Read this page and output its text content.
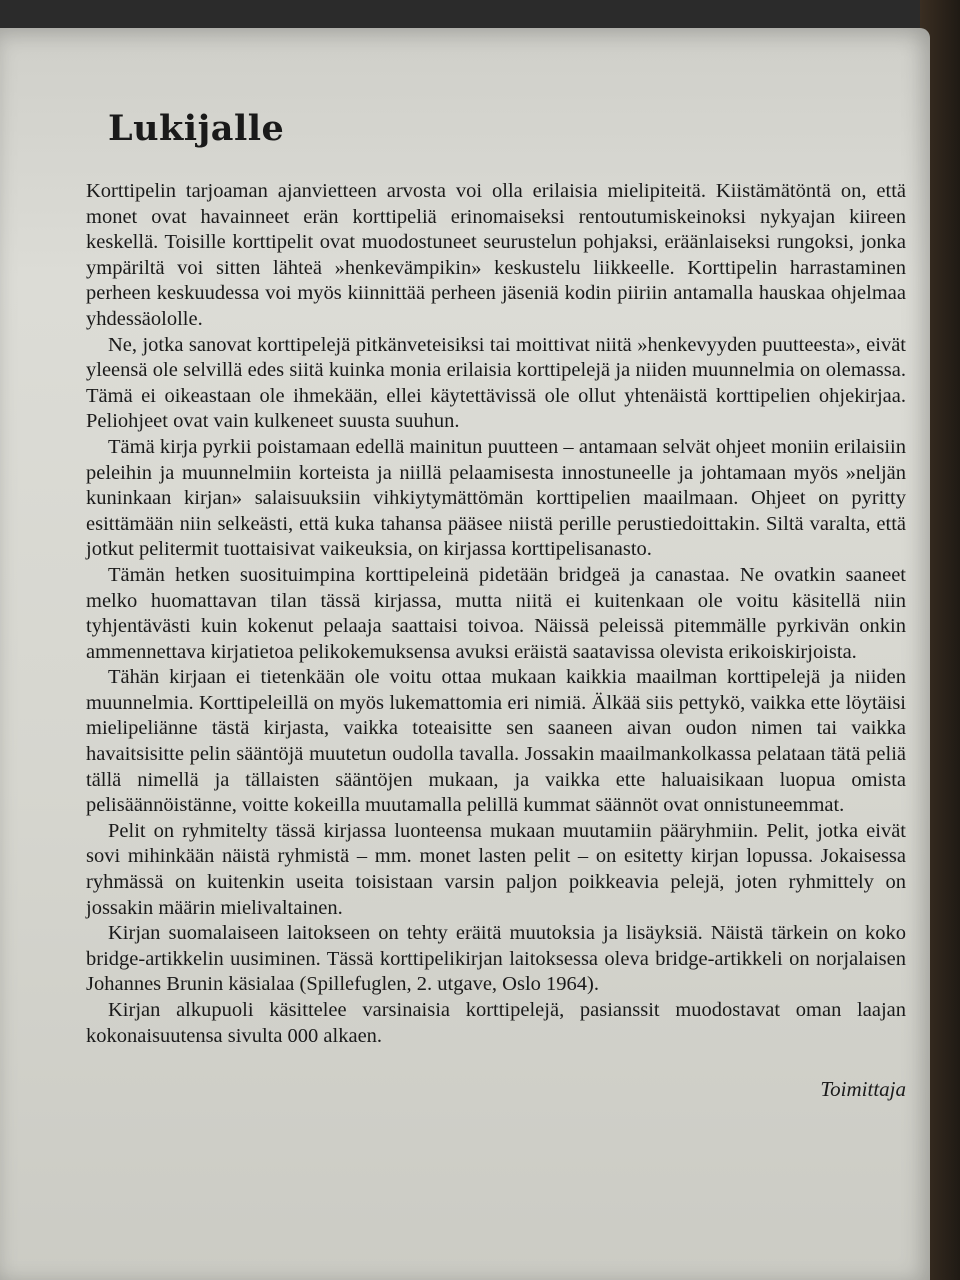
Lukijalle

Korttipelin tarjoaman ajanvietteen arvosta voi olla erilaisia mielipiteitä. Kiistämätöntä on, että monet ovat havainneet erän korttipeliä erinomaiseksi rentoutumiskeinoksi nykyajan kiireen keskellä. Toisille korttipelit ovat muodostuneet seurustelun pohjaksi, eräänlaiseksi rungoksi, jonka ympäriltä voi sitten lähteä »henkevämpikin» keskustelu liikkeelle. Korttipelin harrastaminen perheen keskuudessa voi myös kiinnittää perheen jäseniä kodin piiriin antamalla hauskaa ohjelmaa yhdessäololle.

Ne, jotka sanovat korttipelejä pitkänveteisiksi tai moittivat niitä »henkevyyden puutteesta», eivät yleensä ole selvillä edes siitä kuinka monia erilaisia korttipelejä ja niiden muunnelmia on olemassa. Tämä ei oikeastaan ole ihmekään, ellei käytettävissä ole ollut yhtenäistä korttipelien ohjekirjaa. Peliohjeet ovat vain kulkeneet suusta suuhun.

Tämä kirja pyrkii poistamaan edellä mainitun puutteen – antamaan selvät ohjeet moniin erilaisiin peleihin ja muunnelmiin korteista ja niillä pelaamisesta innostuneelle ja johtamaan myös »neljän kuninkaan kirjan» salaisuuksiin vihkiytymättömän korttipelien maailmaan. Ohjeet on pyritty esittämään niin selkeästi, että kuka tahansa pääsee niistä perille perustiedoittakin. Siltä varalta, että jotkut pelitermit tuottaisivat vaikeuksia, on kirjassa korttipelisanasto.

Tämän hetken suosituimpina korttipeleinä pidetään bridgeä ja canastaa. Ne ovatkin saaneet melko huomattavan tilan tässä kirjassa, mutta niitä ei kuitenkaan ole voitu käsitellä niin tyhjentävästi kuin kokenut pelaaja saattaisi toivoa. Näissä peleissä pitemmälle pyrkivän onkin ammennettava kirjatietoa pelikokemuksensa avuksi eräistä saatavissa olevista erikoiskirjoista.

Tähän kirjaan ei tietenkään ole voitu ottaa mukaan kaikkia maailman korttipelejä ja niiden muunnelmia. Korttipeleillä on myös lukemattomia eri nimiä. Älkää siis pettykö, vaikka ette löytäisi mielipeliänne tästä kirjasta, vaikka toteaisitte sen saaneen aivan oudon nimen tai vaikka havaitsisitte pelin sääntöjä muutetun oudolla tavalla. Jossakin maailmankolkassa pelataan tätä peliä tällä nimellä ja tällaisten sääntöjen mukaan, ja vaikka ette haluaisikaan luopua omista pelisäännöistänne, voitte kokeilla muutamalla pelillä kummat säännöt ovat onnistuneemmat.

Pelit on ryhmitelty tässä kirjassa luonteensa mukaan muutamiin pääryhmiin. Pelit, jotka eivät sovi mihinkään näistä ryhmistä – mm. monet lasten pelit – on esitetty kirjan lopussa. Jokaisessa ryhmässä on kuitenkin useita toisistaan varsin paljon poikkeavia pelejä, joten ryhmittely on jossakin määrin mielivaltainen.

Kirjan suomalaiseen laitokseen on tehty eräitä muutoksia ja lisäyksiä. Näistä tärkein on koko bridge-artikkelin uusiminen. Tässä korttipelikirjan laitoksessa oleva bridge-artikkeli on norjalaisen Johannes Brunin käsialaa (Spillefuglen, 2. utgave, Oslo 1964).

Kirjan alkupuoli käsittelee varsinaisia korttipelejä, pasianssit muodostavat oman laajan kokonaisuutensa sivulta 000 alkaen.

Toimittaja
